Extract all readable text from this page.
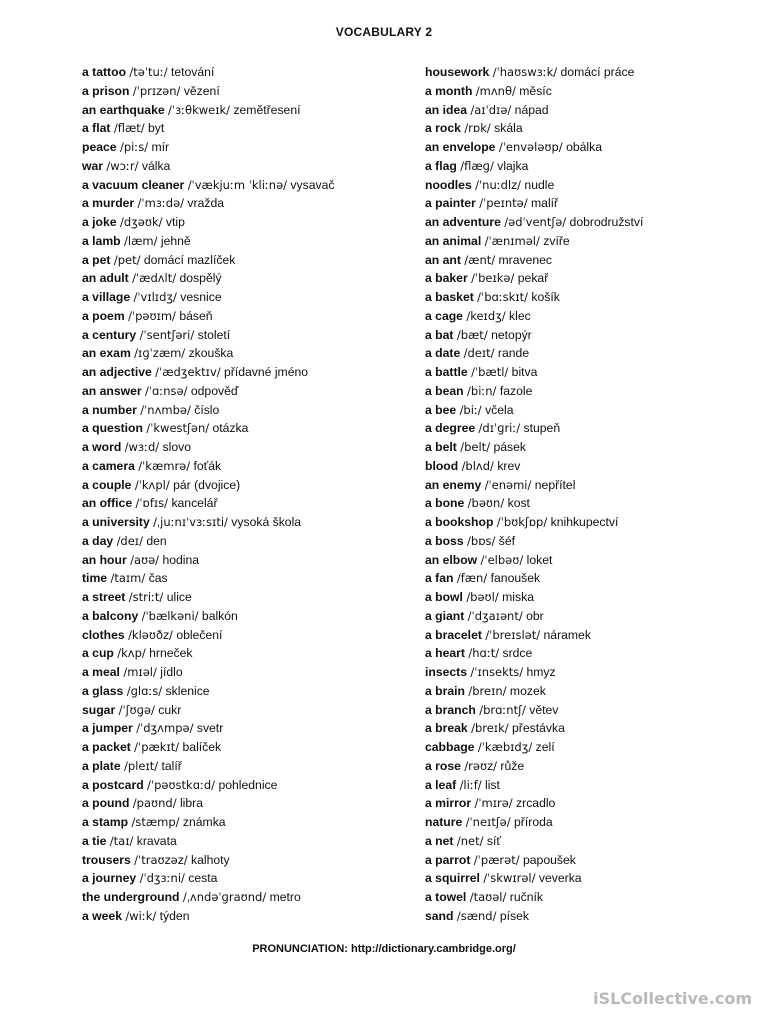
VOCABULARY 2
a tattoo /təˈtuː/ tetování
a prison /ˈprɪzən/ vězení
an earthquake /ˈɜːθkweɪk/ zemětřesení
a flat /flæt/ byt
peace /piːs/ mír
war /wɔːr/ válka
a vacuum cleaner /ˈvækjuːm ˈkliːnə/ vysavač
a murder /ˈmɜːdə/ vražda
a joke /dʒəʊk/ vtip
a lamb /læm/ jehně
a pet /pet/ domácí mazlíček
an adult /ˈædʌlt/ dospělý
a village /ˈvɪlɪdʒ/ vesnice
a poem /ˈpəʊɪm/ báseň
a century /ˈsentʃəri/ století
an exam /ɪɡˈzæm/ zkouška
an adjective /ˈædʒektɪv/ přídavné jméno
an answer /ˈɑːnsə/ odpověď
a number /ˈnʌmbə/ číslo
a question /ˈkwestʃən/ otázka
a word /wɜːd/ slovo
a camera /ˈkæmrə/ foťák
a couple /ˈkʌpl/ pár (dvojice)
an office /ˈɒfɪs/ kancelář
a university /ˌjuːnɪˈvɜːsɪti/ vysoká škola
a day /deɪ/ den
an hour /aʊə/ hodina
time /taɪm/ čas
a street /striːt/ ulice
a balcony /ˈbælkəni/ balkón
clothes /kləʊðz/ oblečení
a cup /kʌp/ hrneček
a meal /mɪəl/ jídlo
a glass /ɡlɑːs/ sklenice
sugar /ˈʃʊɡə/ cukr
a jumper /ˈdʒʌmpə/ svetr
a packet /ˈpækɪt/ balíček
a plate /pleɪt/ talíř
a postcard /ˈpəʊstkɑːd/ pohlednice
a pound /paʊnd/ libra
a stamp /stæmp/ známka
a tie /taɪ/ kravata
trousers /ˈtraʊzəz/ kalhoty
a journey /ˈdʒɜːni/ cesta
the underground /ˌʌndəˈɡraʊnd/ metro
a week /wiːk/ týden
housework /ˈhaʊswɜːk/ domácí práce
a month /mʌnθ/ měsíc
an idea /aɪˈdɪə/ nápad
a rock /rɒk/ skála
an envelope /ˈenvələʊp/ obálka
a flag /flæɡ/ vlajka
noodles /ˈnuːdlz/ nudle
a painter /ˈpeɪntə/ malíř
an adventure /ədˈventʃə/ dobrodružství
an animal /ˈænɪməl/ zvíře
an ant /ænt/ mravenec
a baker /ˈbeɪkə/ pekař
a basket /ˈbɑːskɪt/ košík
a cage /keɪdʒ/ klec
a bat /bæt/ netopýr
a date /deɪt/ rande
a battle /ˈbætl/ bitva
a bean /biːn/ fazole
a bee /biː/ včela
a degree /dɪˈɡriː/ stupeň
a belt /belt/ pásek
blood /blʌd/ krev
an enemy /ˈenəmi/ nepřítel
a bone /bəʊn/ kost
a bookshop /ˈbʊkʃɒp/ knihkupectví
a boss /bɒs/ šéf
an elbow /ˈelbəʊ/ loket
a fan /fæn/ fanoušek
a bowl /bəʊl/ miska
a giant /ˈdʒaɪənt/ obr
a bracelet /ˈbreɪslət/ náramek
a heart /hɑːt/ srdce
insects /ˈɪnsekts/ hmyz
a brain /breɪn/ mozek
a branch /brɑːntʃ/ větev
a break /breɪk/ přestávka
cabbage /ˈkæbɪdʒ/ zelí
a rose /rəʊz/ růže
a leaf /liːf/ list
a mirror /ˈmɪrə/ zrcadlo
nature /ˈneɪtʃə/ příroda
a net /net/ síť
a parrot /ˈpærət/ papoušek
a squirrel /ˈskwɪrəl/ veverka
a towel /taʊəl/ ručník
sand /sænd/ písek
PRONUNCIATION: http://dictionary.cambridge.org/
iSLCollective.com
